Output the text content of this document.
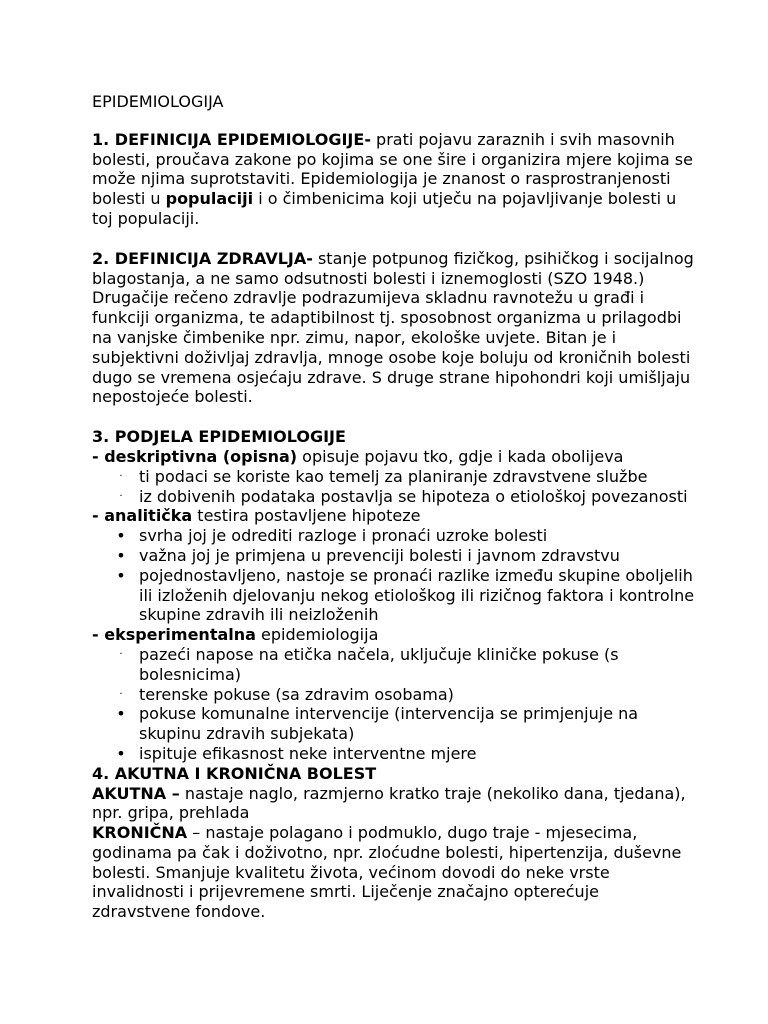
EPIDEMIOLOGIJA

1. DEFINICIJA EPIDEMIOLOGIJE- prati pojavu zaraznih i svih masovnih bolesti, proučava zakone po kojima se one šire i organizira mjere kojima se može njima suprotstaviti. Epidemiologija je znanost o rasprostranjenosti bolesti u populaciji i o čimbenicima koji utječu na pojavljivanje bolesti u toj populaciji.

2. DEFINICIJA ZDRAVLJA- stanje potpunog fizičkog, psihičkog i socijalnog

blagostanja, a ne samo odsutnosti bolesti i iznemoglosti (SZO 1948.) Drugačije rečeno zdravlje podrazumijeva skladnu ravnotežu u građi i funkciji organizma, te adaptibilnost tj. sposobnost organizma u prilagodbi na vanjske čimbenike npr. zimu, napor, ekološke uvjete. Bitan je i subjektivni doživljaj zdravlja, mnoge osobe koje boluju od kroničnih bolesti dugo se vremena osjećaju zdrave. S druge strane hipohondri koji umišljaju nepostojeće bolesti.

3. PODJELA EPIDEMIOLOGIJE

- deskriptivna (opisna) opisuje pojavu tko, gdje i kada obolijeva

·	ti podaci se koriste kao temelj za planiranje zdravstvene službe
·	iz dobivenih podataka postavlja se hipoteza o etiološkoj povezanosti

- analitička testira postavljene hipoteze

• svrha joj je odrediti razloge i pronaći uzroke bolesti
• važna joj je primjena u prevenciji bolesti i javnom zdravstvu
• pojednostavljeno, nastoje se pronaći razlike između skupine oboljelih ili izloženih djelovanju nekog etiološkog ili rizičnog faktora i kontrolne skupine zdravih ili neizloženih

- eksperimentalna epidemiologija

·	pazeći napose na etička načela, uključuje kliničke pokuse (s bolesnicima)
·	terenske pokuse (sa zdravim osobama)
• pokuse komunalne intervencije (intervencija se primjenjuje na skupinu zdravih subjekata)
• ispituje efikasnost neke interventne mjere

4. AKUTNA I KRONIČNA BOLEST

AKUTNA – nastaje naglo, razmjerno kratko traje (nekoliko dana, tjedana), npr. gripa, prehlada

KRONIČNA – nastaje polagano i podmuklo, dugo traje - mjesecima, godinama pa čak i doživotno, npr. zloćudne bolesti, hipertenzija, duševne bolesti. Smanjuje kvalitetu života, većinom dovodi do neke vrste invalidnosti i prijevremene smrti. Liječenje značajno opterećuje zdravstvene fondove.
